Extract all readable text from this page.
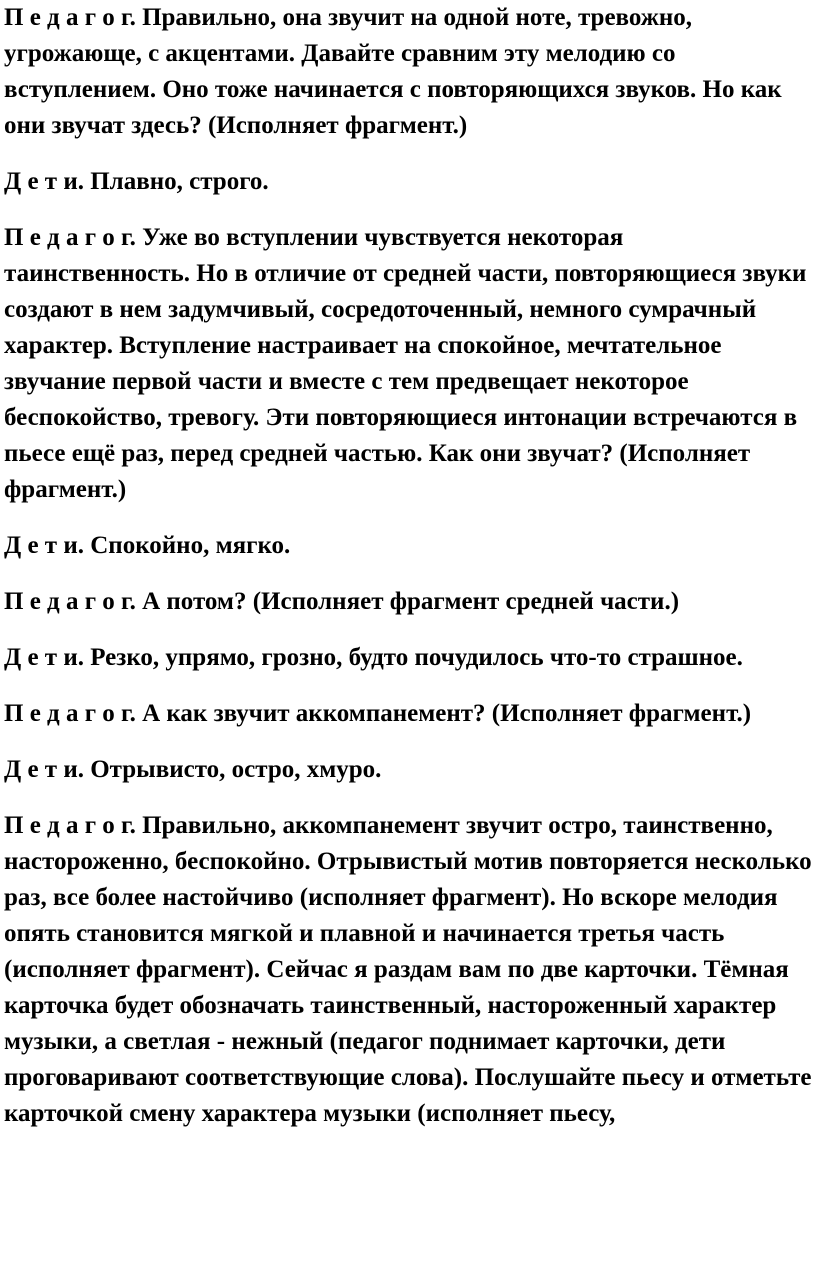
П е д а г о г. Правильно, она звучит на одной ноте, тревожно, угрожающе, с акцентами. Давайте сравним эту мелодию со вступлением. Оно тоже начинается с повторяющихся звуков. Но как они звучат здесь? (Исполняет фрагмент.)

Д е т и. Плавно, строго.

П е д а г о г. Уже во вступлении чувствуется некоторая таинственность. Но в отличие от средней части, повторяющиеся звуки создают в нем задумчивый, сосредоточенный, немного сумрачный характер. Вступление настраивает на спокойное, мечтательное звучание первой части и вместе с тем предвещает некоторое беспокойство, тревогу. Эти повторяющиеся интонации встречаются в пьесе ещё раз, перед средней частью. Как они звучат? (Исполняет фрагмент.)

Д е т и. Спокойно, мягко.

П е д а г о г. А потом? (Исполняет фрагмент средней части.)

Д е т и. Резко, упрямо, грозно, будто почудилось что-то страшное.

П е д а г о г. А как звучит аккомпанемент? (Исполняет фрагмент.)

Д е т и. Отрывисто, остро, хмуро.

П е д а г о г. Правильно, аккомпанемент звучит остро, таинственно, настороженно, беспокойно. Отрывистый мотив повторяется несколько раз, все более настойчиво (исполняет фрагмент). Но вскоре мелодия опять становится мягкой и плавной и начинается третья часть (исполняет фрагмент). Сейчас я раздам вам по две карточки. Тёмная карточка будет обозначать таинственный, настороженный характер музыки, а светлая - нежный (педагог поднимает карточки, дети проговаривают соответствующие слова). Послушайте пьесу и отметьте карточкой смену характера музыки (исполняет пьесу,
